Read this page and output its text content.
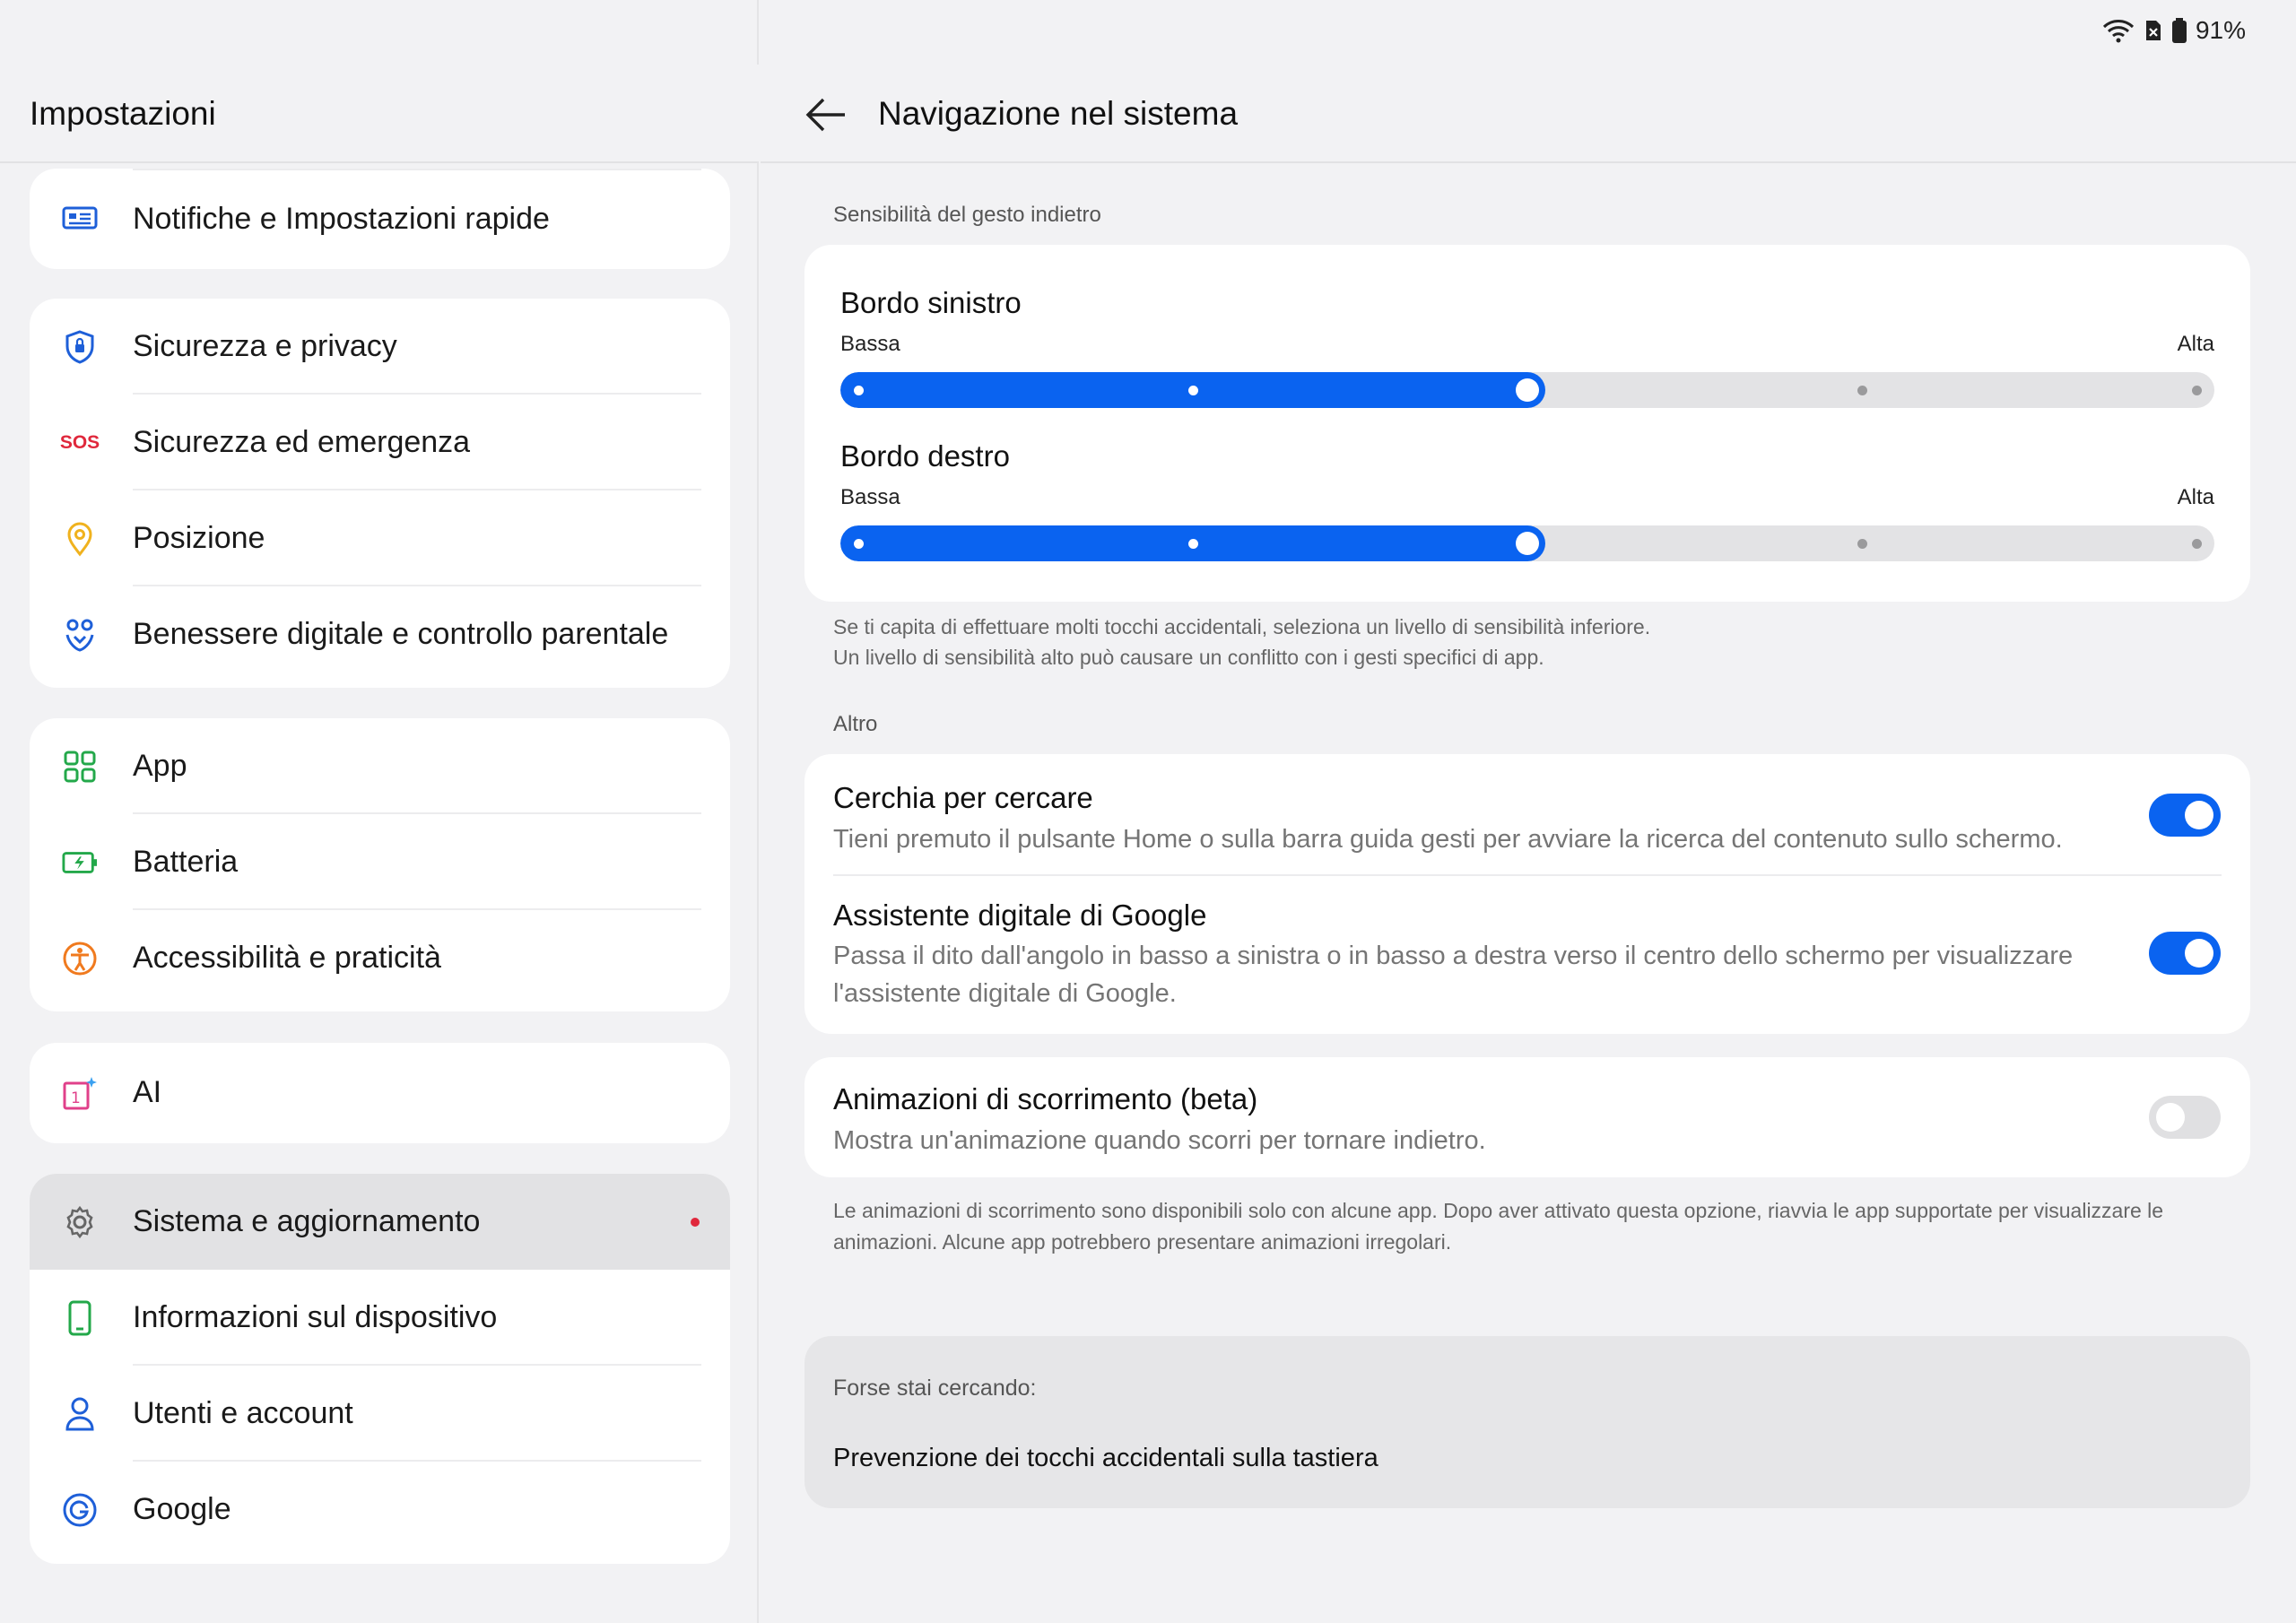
91%
Impostazioni
Notifiche e Impostazioni rapide
Sicurezza e privacy
SOS Sicurezza ed emergenza
Posizione
Benessere digitale e controllo parentale
App
Batteria
Accessibilità e praticità
1 AI
Sistema e aggiornamento
Informazioni sul dispositivo
Utenti e account
Google
Navigazione nel sistema
Sensibilità del gesto indietro
Bordo sinistro
Bassa	Alta
Bordo destro
Bassa	Alta
Se ti capita di effettuare molti tocchi accidentali, seleziona un livello di sensibilità inferiore.
Un livello di sensibilità alto può causare un conflitto con i gesti specifici di app.
Altro
Cerchia per cercare
Tieni premuto il pulsante Home o sulla barra guida gesti per avviare la ricerca del contenuto sullo schermo.
Assistente digitale di Google
Passa il dito dall'angolo in basso a sinistra o in basso a destra verso il centro dello schermo per visualizzare l'assistente digitale di Google.
Animazioni di scorrimento (beta)
Mostra un'animazione quando scorri per tornare indietro.
Le animazioni di scorrimento sono disponibili solo con alcune app. Dopo aver attivato questa opzione, riavvia le app supportate per visualizzare le animazioni. Alcune app potrebbero presentare animazioni irregolari.
Forse stai cercando:
Prevenzione dei tocchi accidentali sulla tastiera
